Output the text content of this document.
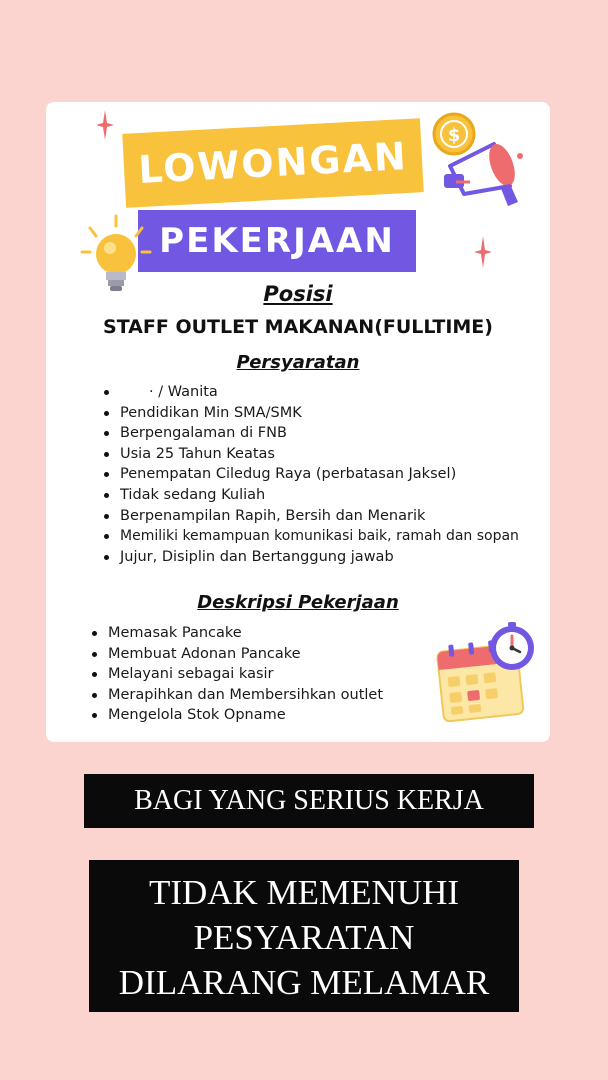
LOWONGAN
PEKERJAAN
$
Posisi
STAFF OUTLET MAKANAN(FULLTIME)
Persyaratan
· / Wanita
Pendidikan Min SMA/SMK
Berpengalaman di FNB
Usia 25 Tahun Keatas
Penempatan Ciledug Raya (perbatasan Jaksel)
Tidak sedang Kuliah
Berpenampilan Rapih, Bersih dan Menarik
Memiliki kemampuan komunikasi baik, ramah dan sopan
Jujur, Disiplin dan Bertanggung jawab
Deskripsi Pekerjaan
Memasak Pancake
Membuat Adonan Pancake
Melayani sebagai kasir
Merapihkan dan Membersihkan outlet
Mengelola Stok Opname
BAGI YANG SERIUS KERJA
TIDAK MEMENUHI
PESYARATAN
DILARANG MELAMAR
